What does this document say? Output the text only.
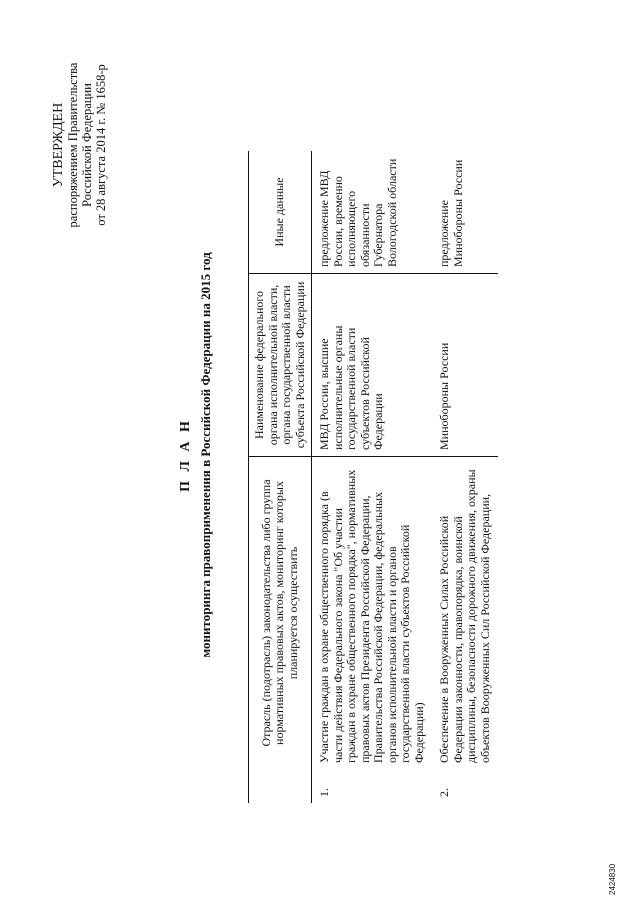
УТВЕРЖДЕН распоряжением Правительства Российской Федерации от 28 августа 2014 г. № 1658-р
П Л А Н мониторинга правоприменения в Российской Федерации на 2015 год
		Отрасль (подотрасль) законодательства либо группа нормативных правовых актов, мониторинг которых планируется осуществить	Наименование федерального органа исполнительной власти, органа государственной власти субъекта Российской Федерации	Иные данные
1.	Участие граждан в охране общественного порядка (в части действия Федерального закона "Об участии граждан в охране общественного порядка", нормативных правовых актов Президента Российской Федерации, Правительства Российской Федерации, федеральных органов исполнительной власти и органов государственной власти субъектов Российской Федерации)	МВД России, высшие исполнительные органы государственной власти субъектов Российской Федерации	предложение МВД России, временно исполняющего обязанности Губернатора Вологодской области
2.	Обеспечение в Вооруженных Силах Российской Федерации законности, правопорядка, воинской дисциплины, безопасности дорожного движения, охраны объектов Вооруженных Сил Российской Федерации,	Минобороны России	предложение Минобороны России
2424830
